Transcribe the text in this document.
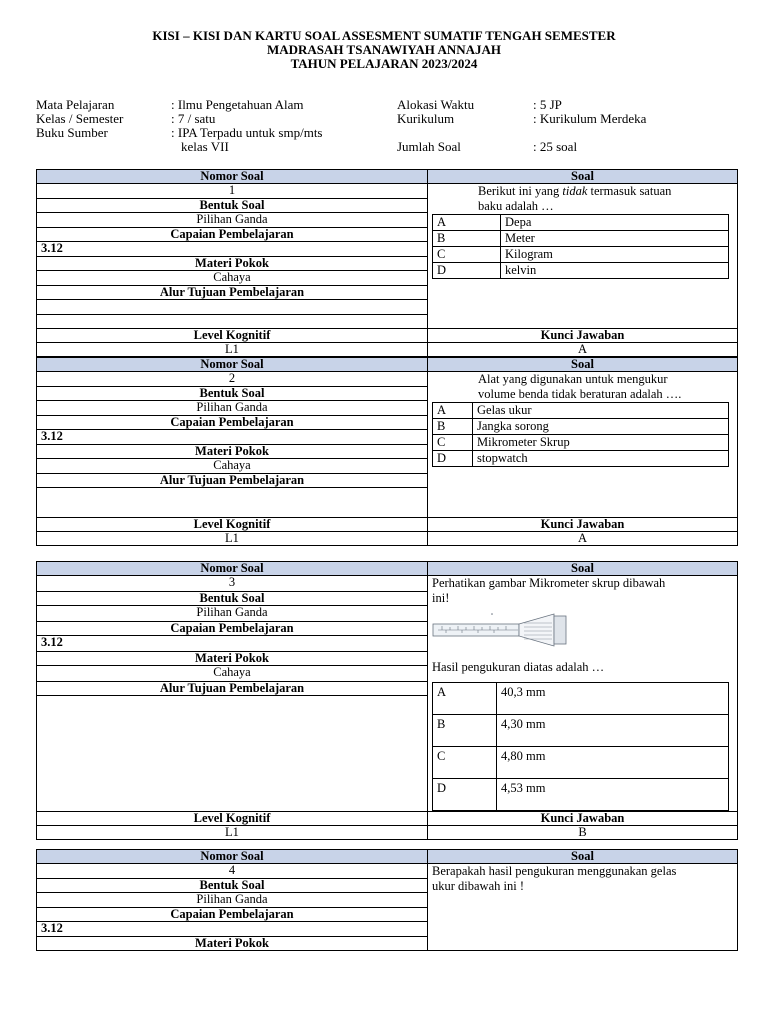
KISI – KISI DAN KARTU SOAL ASSESMENT SUMATIF TENGAH SEMESTER
MADRASAH TSANAWIYAH ANNAJAH
TAHUN PELAJARAN 2023/2024
Mata Pelajaran	: Ilmu Pengetahuan Alam
Kelas / Semester	: 7 / satu
Buku Sumber	: IPA Terpadu untuk smp/mts
kelas VII
Alokasi Waktu	: 5 JP
Kurikulum	: Kurikulum Merdeka
Jumlah Soal	: 25 soal
Nomor Soal	Soal
1	Berikut ini yang tidak termasuk satuan

baku adalah …

A	Depa
B	Meter
C	Kilogram
D	kelvin

Bentuk Soal
Pilihan Ganda
Capaian Pembelajaran
3.12
Materi Pokok
Cahaya
Alur Tujuan Pembelajaran

Level Kognitif	Kunci Jawaban
L1	A
Nomor Soal	Soal
2	Alat yang digunakan untuk mengukur

volume benda tidak beraturan adalah ….

A	Gelas ukur
B	Jangka sorong
C	Mikrometer Skrup
D	stopwatch

Bentuk Soal
Pilihan Ganda
Capaian Pembelajaran
3.12
Materi Pokok
Cahaya
Alur Tujuan Pembelajaran

Level Kognitif	Kunci Jawaban
L1	A
Nomor Soal	Soal
3	Perhatikan gambar Mikrometer skrup dibawah

ini!

Hasil pengukuran diatas adalah …

A	40,3 mm
B	4,30 mm
C	4,80 mm
D	4,53 mm

Bentuk Soal
Pilihan Ganda
Capaian Pembelajaran
3.12
Materi Pokok
Cahaya
Alur Tujuan Pembelajaran

Level Kognitif	Kunci Jawaban
L1	B
Nomor Soal	Soal
4	Berapakah hasil pengukuran menggunakan gelas

ukur dibawah ini !

Bentuk Soal	
Pilihan Ganda	
Capaian Pembelajaran	
3.12	
Materi Pokok	
